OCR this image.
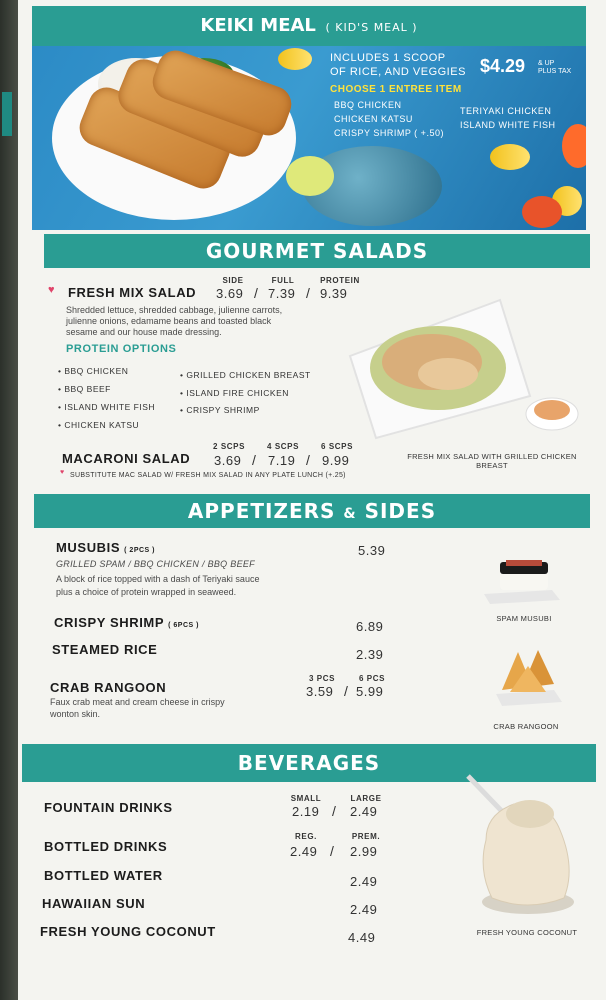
KEIKI MEAL ( KID'S MEAL )
INCLUDES 1 SCOOP
OF RICE, AND VEGGIES $4.29 & UP
PLUS TAX
CHOOSE 1 ENTREE ITEM
BBQ CHICKEN
CHICKEN KATSU
CRISPY SHRIMP ( +.50)
TERIYAKI CHICKEN
ISLAND WHITE FISH
GOURMET SALADS
♥ FRESH MIX SALAD
SIDE	FULL	PROTEIN
3.69 / 7.39 / 9.39
Shredded lettuce, shredded cabbage, julienne carrots,
julienne onions, edamame beans and toasted black
sesame and our house made dressing.
PROTEIN OPTIONS
• BBQ CHICKEN
• BBQ BEEF
• ISLAND WHITE FISH
• CHICKEN KATSU
• GRILLED CHICKEN BREAST
• ISLAND FIRE CHICKEN
• CRISPY SHRIMP
MACARONI SALAD
2 SCPS	4 SCPS	6 SCPS
3.69 / 7.19 / 9.99
♥ SUBSTITUTE MAC SALAD W/ FRESH MIX SALAD IN ANY PLATE LUNCH (+.25)
FRESH MIX SALAD WITH GRILLED CHICKEN BREAST
APPETIZERS & SIDES
MUSUBIS ( 2PCS )	5.39
GRILLED SPAM / BBQ CHICKEN / BBQ BEEF
A block of rice topped with a dash of Teriyaki sauce
plus a choice of protein wrapped in seaweed.
SPAM MUSUBI
CRISPY SHRIMP ( 6PCS )	6.89
STEAMED RICE	2.39
CRAB RANGOON
3 PCS	6 PCS
3.59 / 5.99
Faux crab meat and cream cheese in crispy
wonton skin.
CRAB RANGOON
BEVERAGES
FOUNTAIN DRINKS
SMALL	LARGE
2.19 / 2.49
BOTTLED DRINKS
REG.	PREM.
2.49 / 2.99
BOTTLED WATER	2.49
HAWAIIAN SUN	2.49
FRESH YOUNG COCONUT	4.49	FRESH YOUNG COCONUT
